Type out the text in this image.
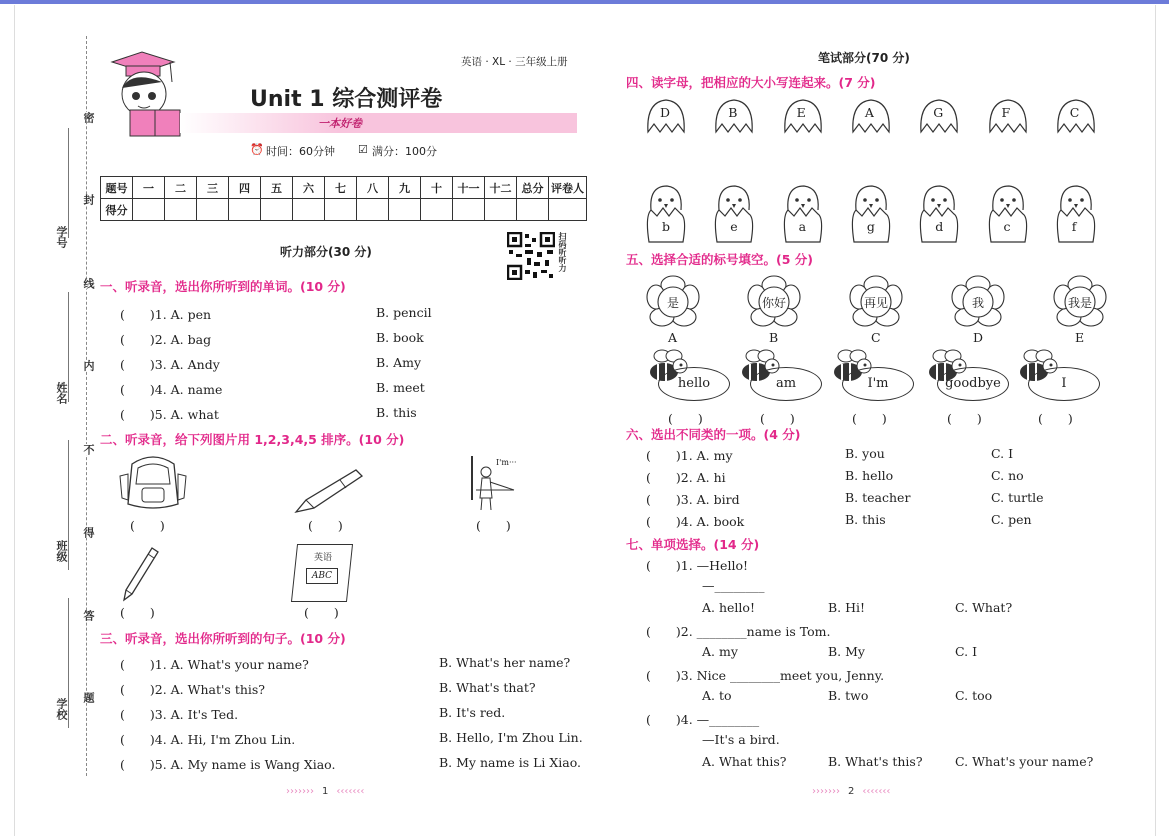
学号
姓名
班级
学校
密
封
线
内
不
得
答
题
英语 · XL · 三年级上册
Unit 1 综合测评卷
一本好卷
⏰ 时间：60分钟 ☑ 满分：100分
题号	一	二	三	四	五	六	七	八	九	十	十一	十二	总分	评卷人
得分														
听力部分(30 分)	扫码听听力
一、听录音，选出你所听到的单词。(10 分)
(　　)1. A. pen	B. pencil
(　　)2. A. bag	B. book
(　　)3. A. Andy	B. Amy
(　　)4. A. name	B. meet
(　　)5. A. what	B. this
二、听录音，给下列图片用 1,2,3,4,5 排序。(10 分)
(　　)	(　　)
I'm···
(　　)
(　　)
英语
ABC
(　　)
三、听录音，选出你所听到的句子。(10 分)
(　　)1. A. What's your name?	B. What's her name?
(　　)2. A. What's this?	B. What's that?
(　　)3. A. It's Ted.	B. It's red.
(　　)4. A. Hi, I'm Zhou Lin.	B. Hello, I'm Zhou Lin.
(　　)5. A. My name is Wang Xiao.	B. My name is Li Xiao.
››››››› 1 ‹‹‹‹‹‹‹
笔试部分(70 分)
四、读字母，把相应的大小写连起来。(7 分)
D	B	E	A	G	F	C
b	e	a	g	d	c	f
五、选择合适的标号填空。(5 分)
是
A
你好
B
再见
C
我
D
我是
E
hello
(　　)
am
(　　)
I'm
(　　)
goodbye
(　　)
I
(　　)
六、选出不同类的一项。(4 分)
(　　)1. A. my	B. you	C. I
(　　)2. A. hi	B. hello	C. no
(　　)3. A. bird	B. teacher	C. turtle
(　　)4. A. book	B. this	C. pen
七、单项选择。(14 分)
(　　)1. —Hello!
—________
A. hello!	B. Hi!	C. What?
(　　)2. ________name is Tom.
A. my	B. My	C. I
(　　)3. Nice ________meet you, Jenny.
A. to	B. two	C. too
(　　)4. —________
—It's a bird.
A. What this?	B. What's this?	C. What's your name?
››››››› 2 ‹‹‹‹‹‹‹
